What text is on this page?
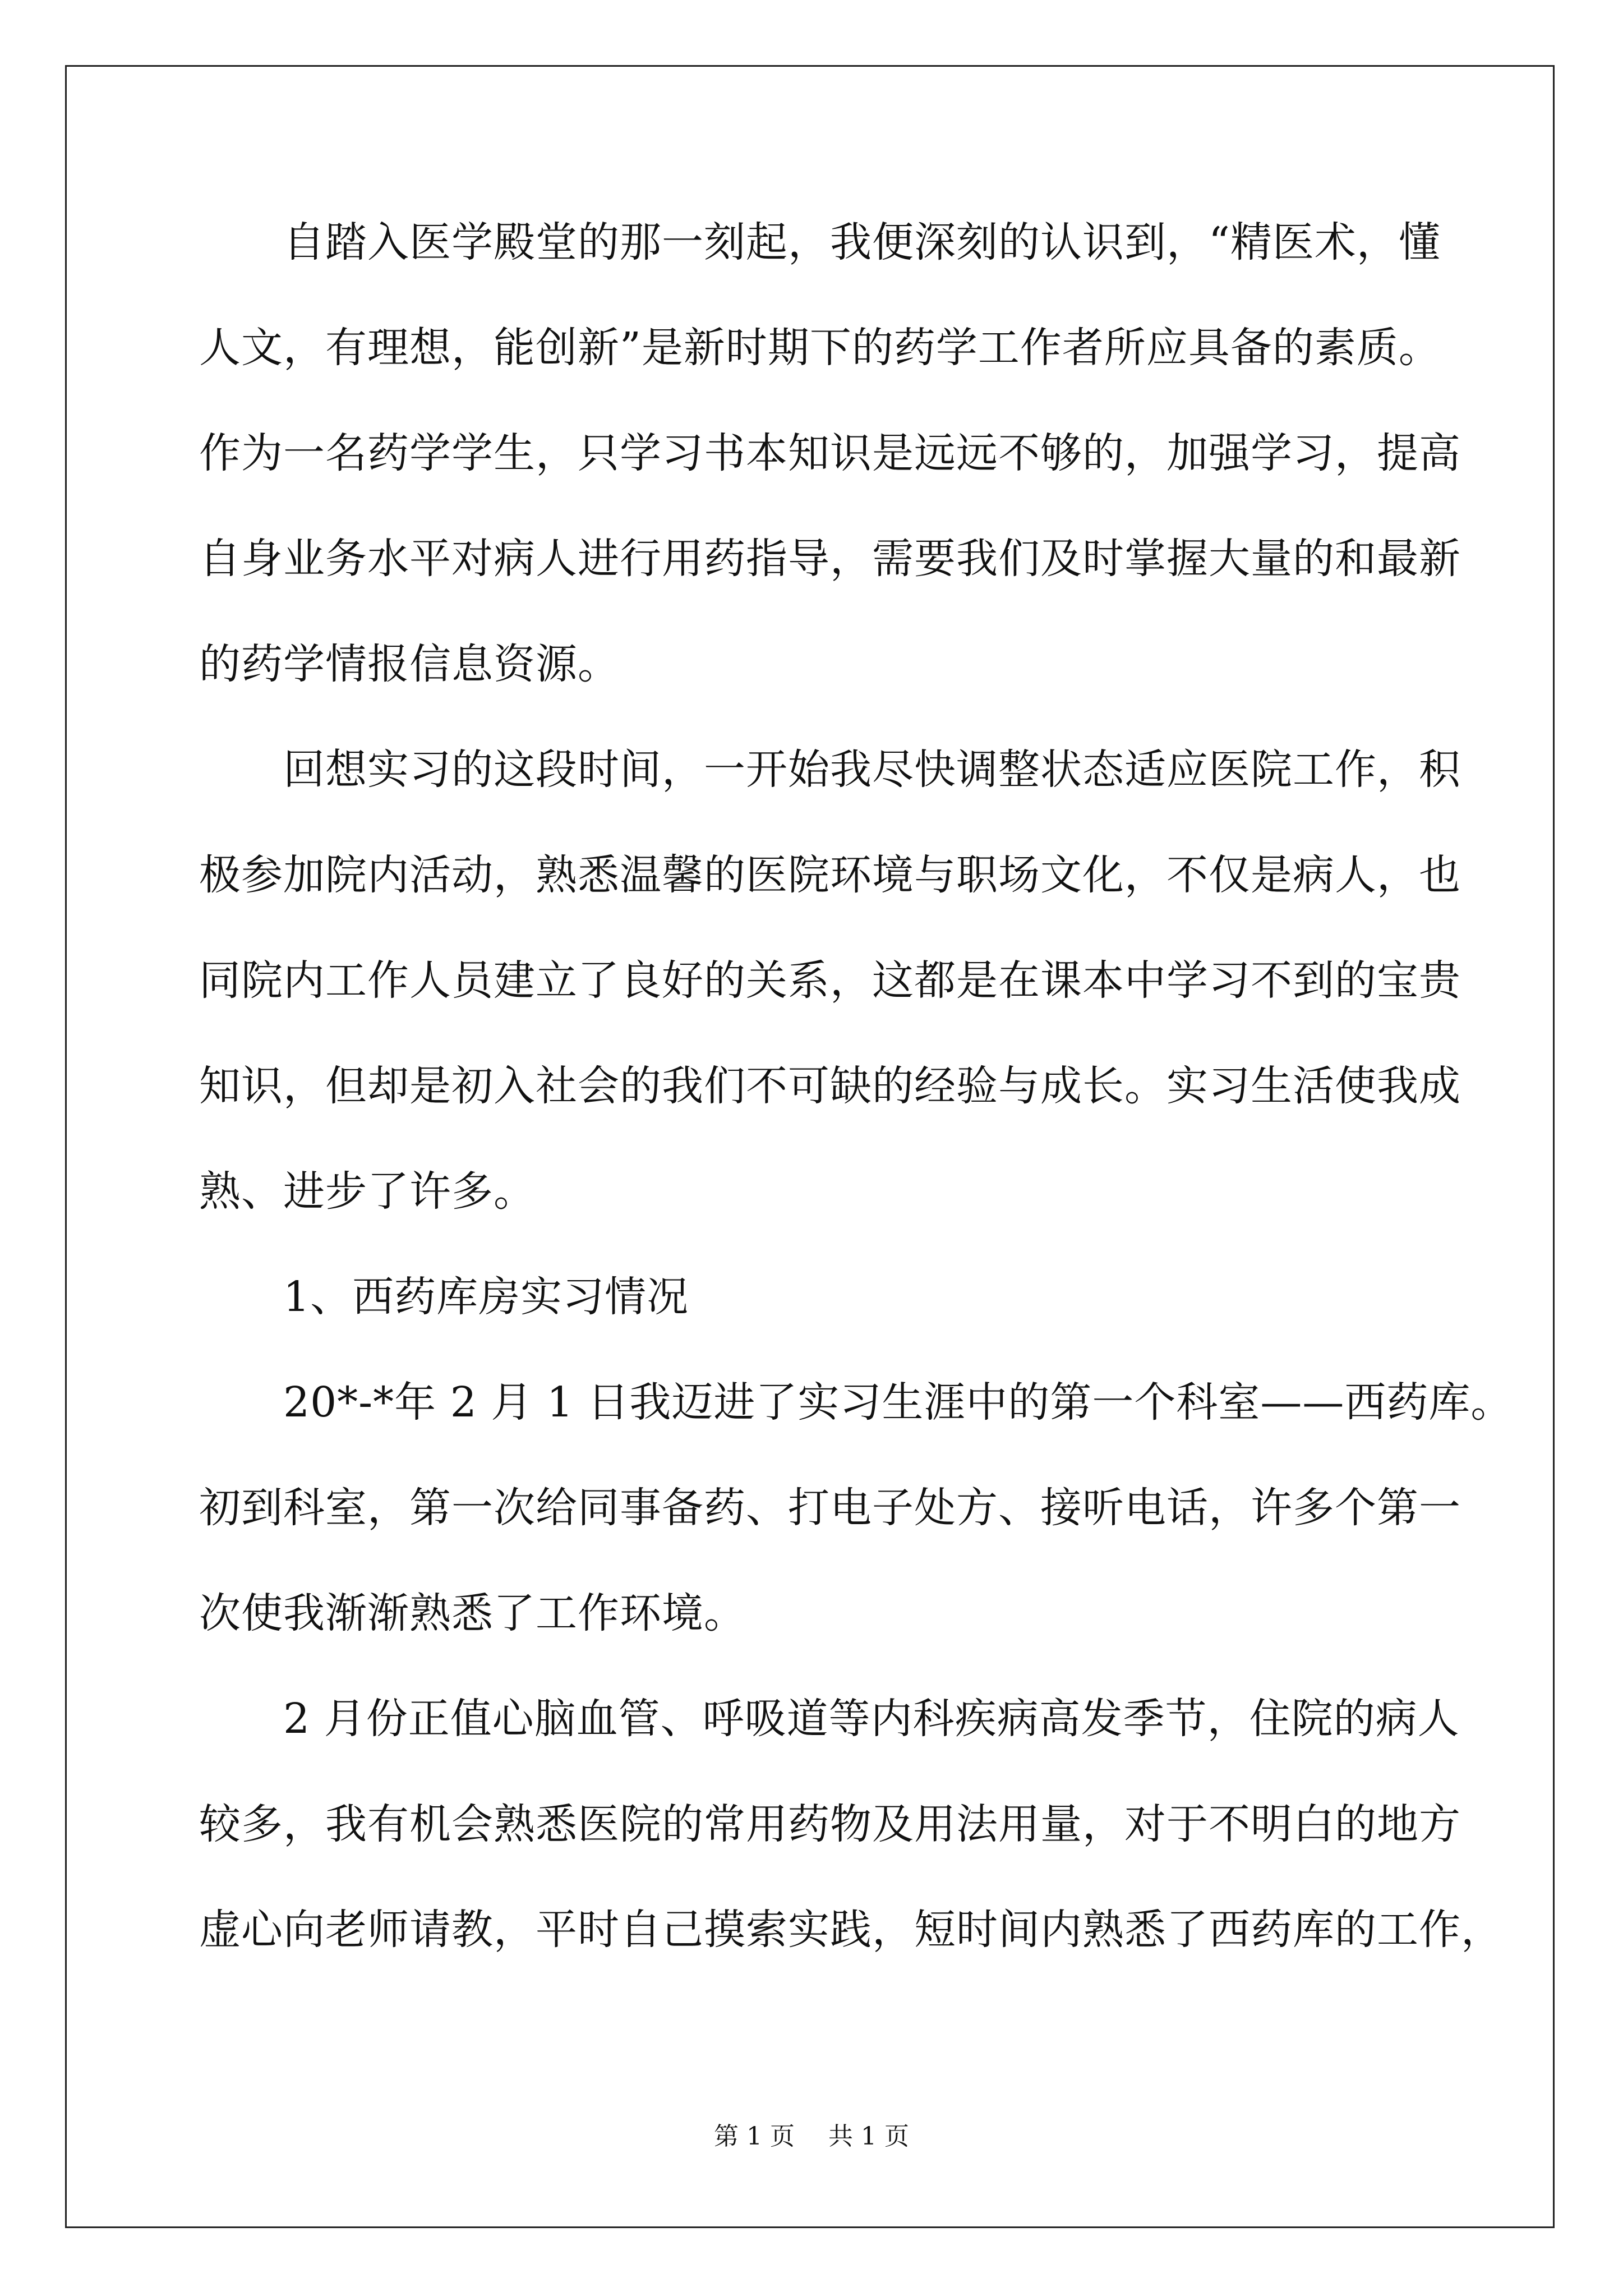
自踏入医学殿堂的那一刻起，我便深刻的认识到，“精医术，懂
人文，有理想，能创新”是新时期下的药学工作者所应具备的素质。
作为一名药学学生，只学习书本知识是远远不够的，加强学习，提高
自身业务水平对病人进行用药指导，需要我们及时掌握大量的和最新
的药学情报信息资源。
回想实习的这段时间，一开始我尽快调整状态适应医院工作，积
极参加院内活动，熟悉温馨的医院环境与职场文化，不仅是病人，也
同院内工作人员建立了良好的关系，这都是在课本中学习不到的宝贵
知识，但却是初入社会的我们不可缺的经验与成长。实习生活使我成
熟、进步了许多。
1、西药库房实习情况
20*-*年 2 月 1 日我迈进了实习生涯中的第一个科室——西药库。
初到科室，第一次给同事备药、打电子处方、接听电话，许多个第一
次使我渐渐熟悉了工作环境。
2 月份正值心脑血管、呼吸道等内科疾病高发季节，住院的病人
较多，我有机会熟悉医院的常用药物及用法用量，对于不明白的地方
虚心向老师请教，平时自己摸索实践，短时间内熟悉了西药库的工作，
第 1 页 共 1 页
